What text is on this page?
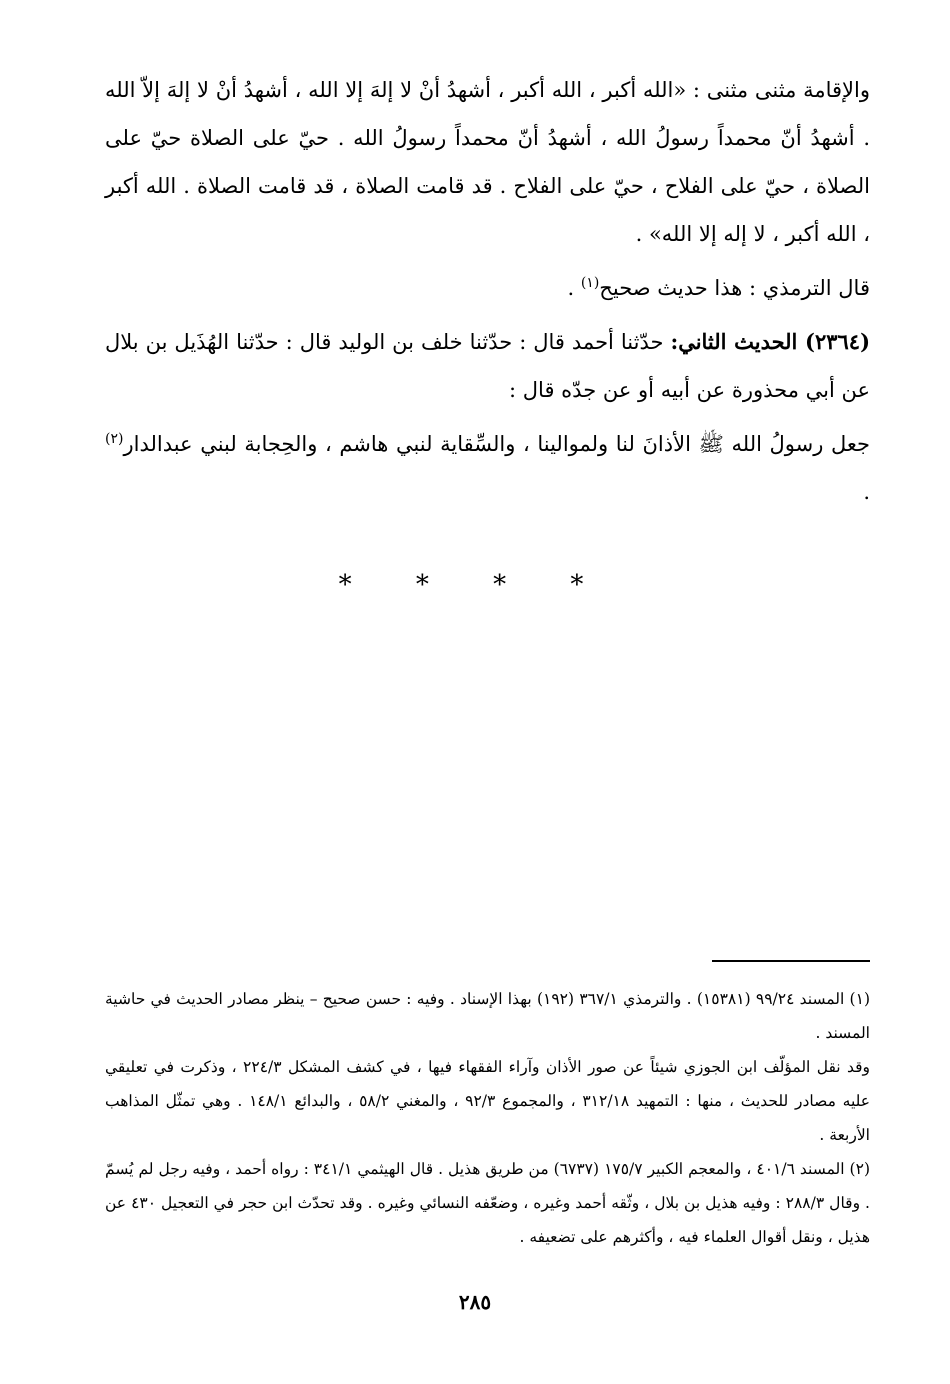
والإقامة مثنى مثنى : «الله أكبر ، الله أكبر ، أشهدُ أنْ لا إلهَ إلا الله ، أشهدُ أنْ لا إلهَ إلاّ الله . أشهدُ أنّ محمداً رسولُ الله ، أشهدُ أنّ محمداً رسولُ الله . حيّ على الصلاة حيّ على الصلاة ، حيّ على الفلاح ، حيّ على الفلاح . قد قامت الصلاة ، قد قامت الصلاة . الله أكبر ، الله أكبر ، لا إله إلا الله» .

قال الترمذي : هذا حديث صحيح$^{(١)}$ .

(٢٣٦٤) الحديث الثاني: حدّثنا أحمد قال : حدّثنا خلف بن الوليد قال : حدّثنا الهُذَيل بن بلال عن أبي محذورة عن أبيه أو عن جدّه قال :

جعل رسولُ الله ﷺ الأذانَ لنا ولموالينا ، والسِّقاية لنبي هاشم ، والحِجابة لبني عبدالدار$^{(٢)}$ .

* * * *

(١) المسند ٩٩/٢٤ (١٥٣٨١) . والترمذي ٣٦٧/١ (١٩٢) بهذا الإسناد . وفيه : حسن صحيح – ينظر مصادر الحديث في حاشية المسند .

وقد نقل المؤلّف ابن الجوزي شيئاً عن صور الأذان وآراء الفقهاء فيها ، في كشف المشكل ٢٢٤/٣ ، وذكرت في تعليقي عليه مصادر للحديث ، منها : التمهيد ٣١٢/١٨ ، والمجموع ٩٢/٣ ، والمغني ٥٨/٢ ، والبدائع ١٤٨/١ . وهي تمثّل المذاهب الأربعة .

(٢) المسند ٤٠١/٦ ، والمعجم الكبير ١٧٥/٧ (٦٧٣٧) من طريق هذيل . قال الهيثمي ٣٤١/١ : رواه أحمد ، وفيه رجل لم يُسمّ . وقال ٢٨٨/٣ : وفيه هذيل بن بلال ، وثّقه أحمد وغيره ، وضعّفه النسائي وغيره . وقد تحدّث ابن حجر في التعجيل ٤٣٠ عن هذيل ، ونقل أقوال العلماء فيه ، وأكثرهم على تضعيفه .

٢٨٥
